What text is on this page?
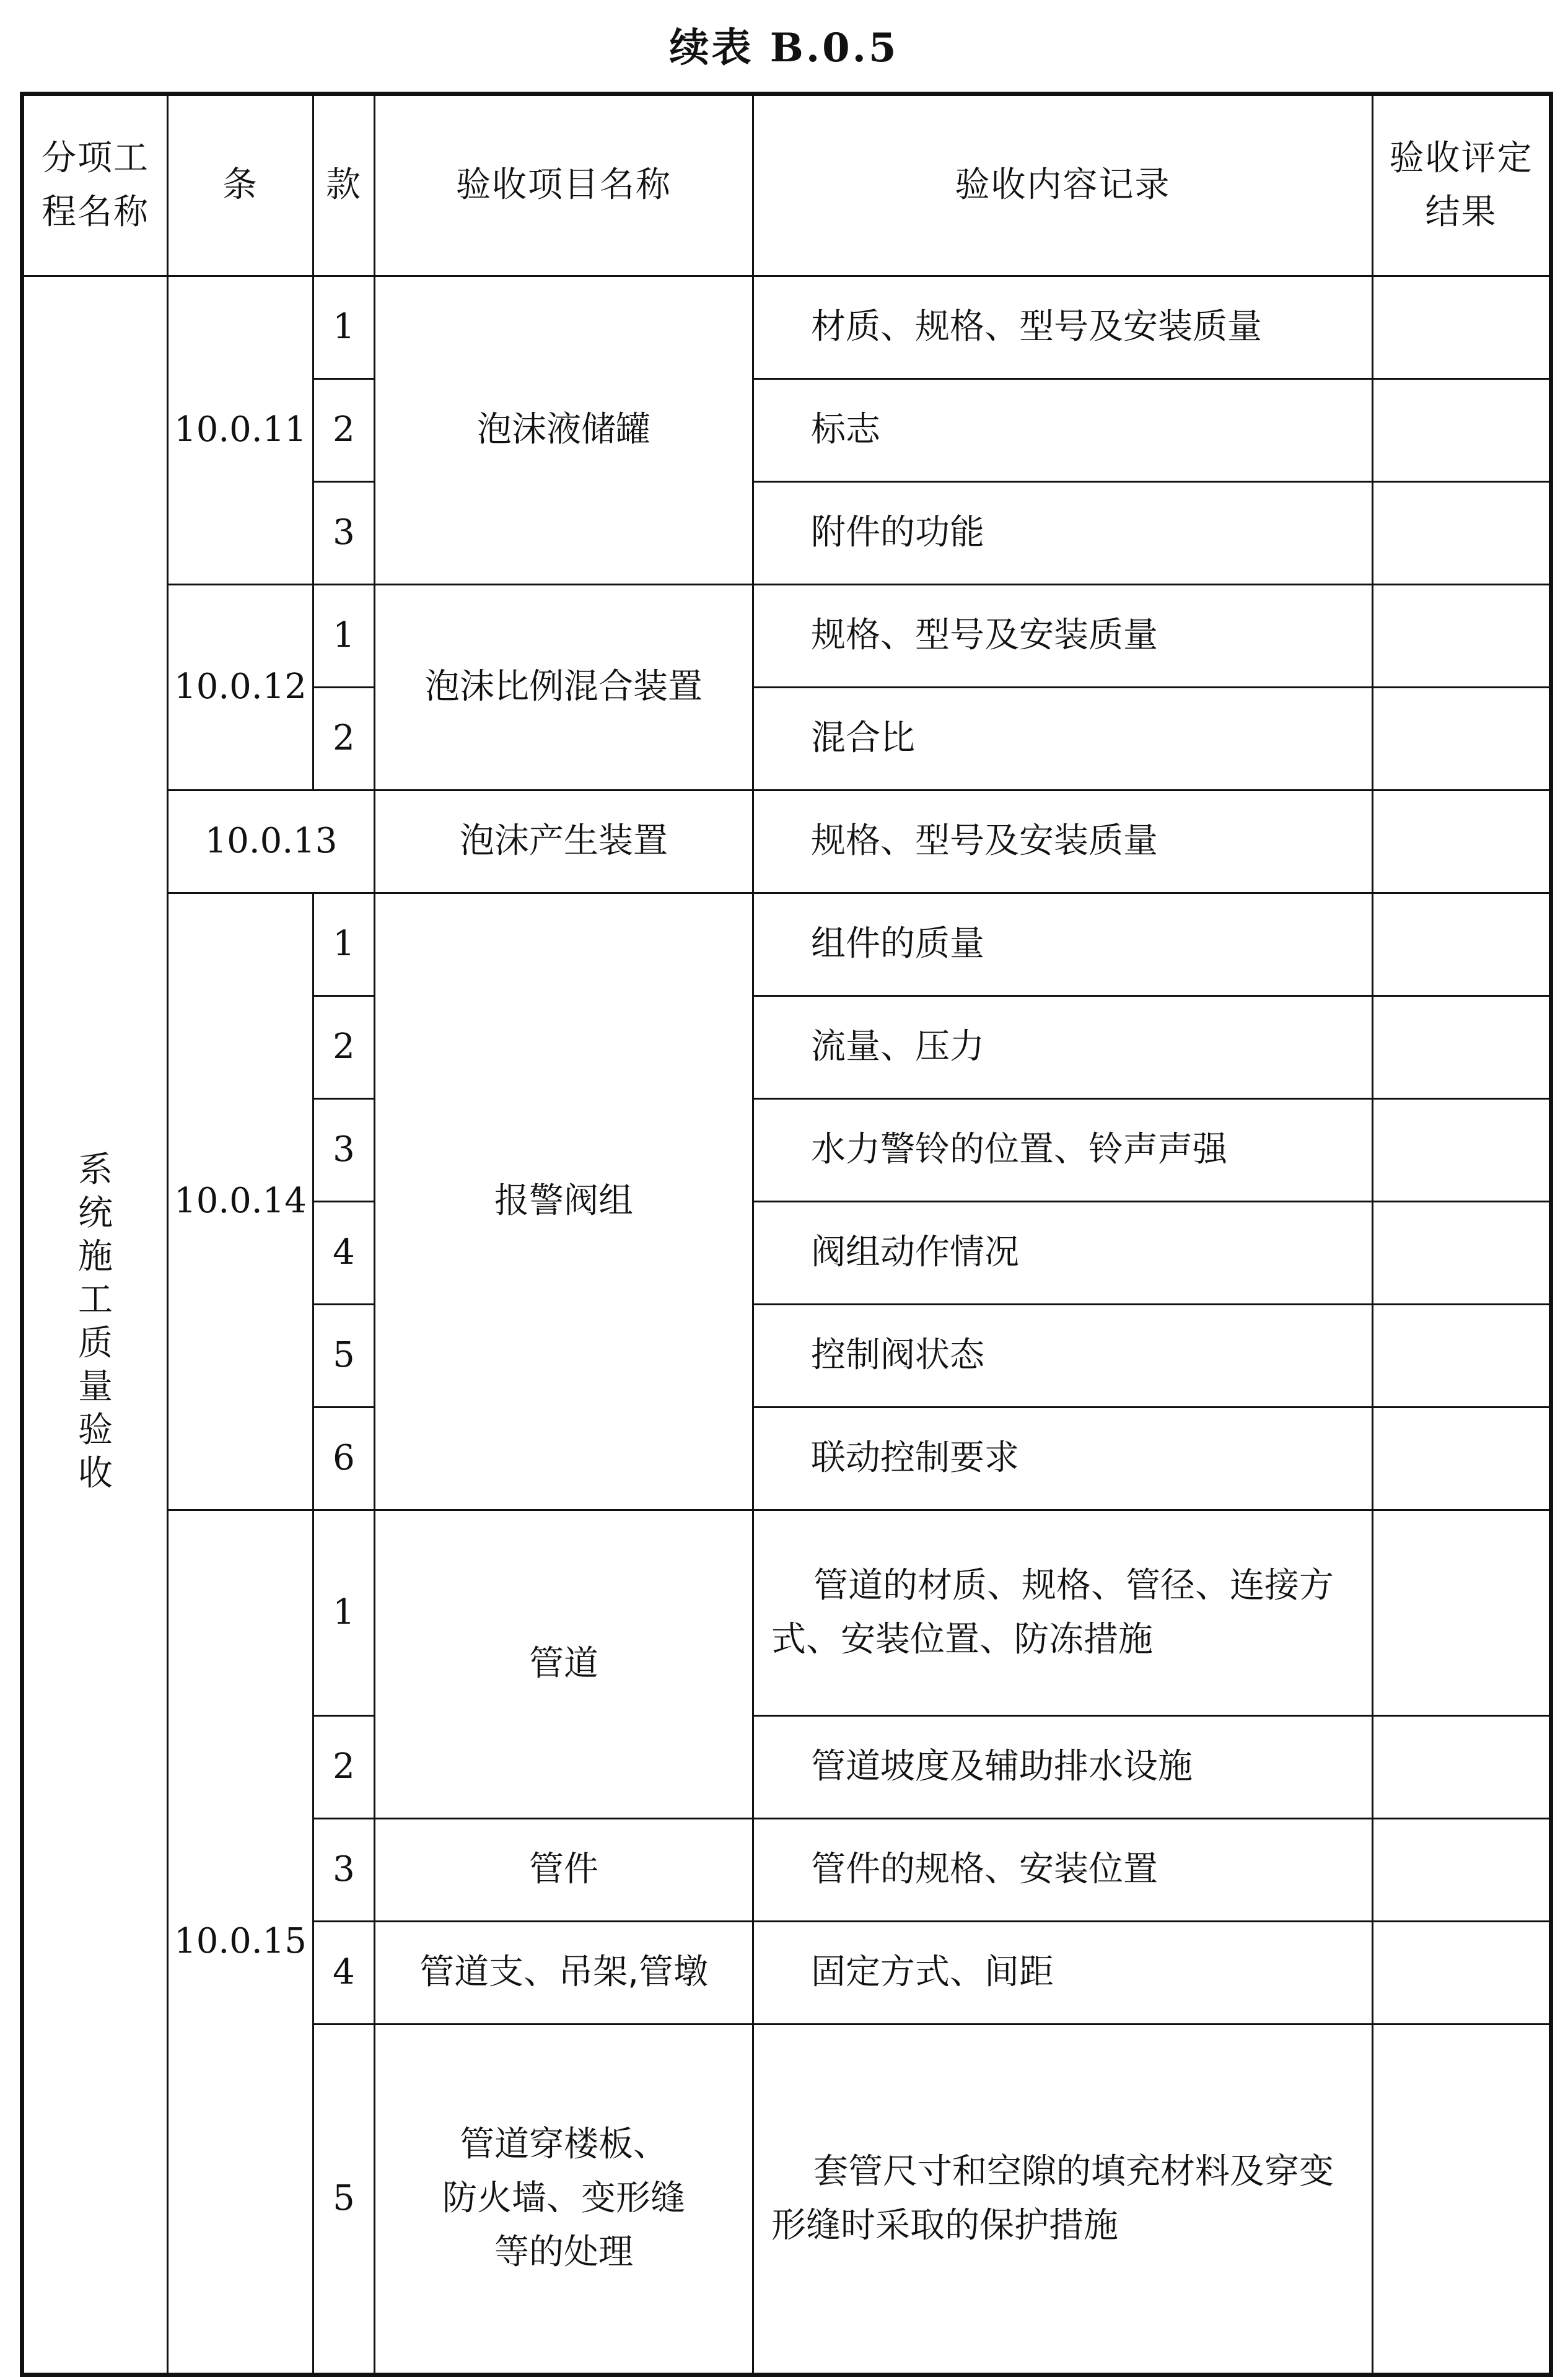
续表 B.0.5
分项工程名称	条	款	验收项目名称	验收内容记录	验收评定结果
系统施工质量验收	10.0.11	1	泡沫液储罐	材质、规格、型号及安装质量	
		2		标志	
		3		附件的功能	
	10.0.12	1	泡沫比例混合装置	规格、型号及安装质量	
		2		混合比	
	10.0.13		泡沫产生装置	规格、型号及安装质量	
	10.0.14	1	报警阀组	组件的质量	
		2		流量、压力	
		3		水力警铃的位置、铃声声强	
		4		阀组动作情况	
		5		控制阀状态	
		6		联动控制要求	
	10.0.15	1	管道	管道的材质、规格、管径、连接方式、安装位置、防冻措施	
		2		管道坡度及辅助排水设施	
		3	管件	管件的规格、安装位置	
		4	管道支、吊架,管墩	固定方式、间距	
		5	管道穿楼板、
防火墙、变形缝
等的处理	套管尺寸和空隙的填充材料及穿变形缝时采取的保护措施	
